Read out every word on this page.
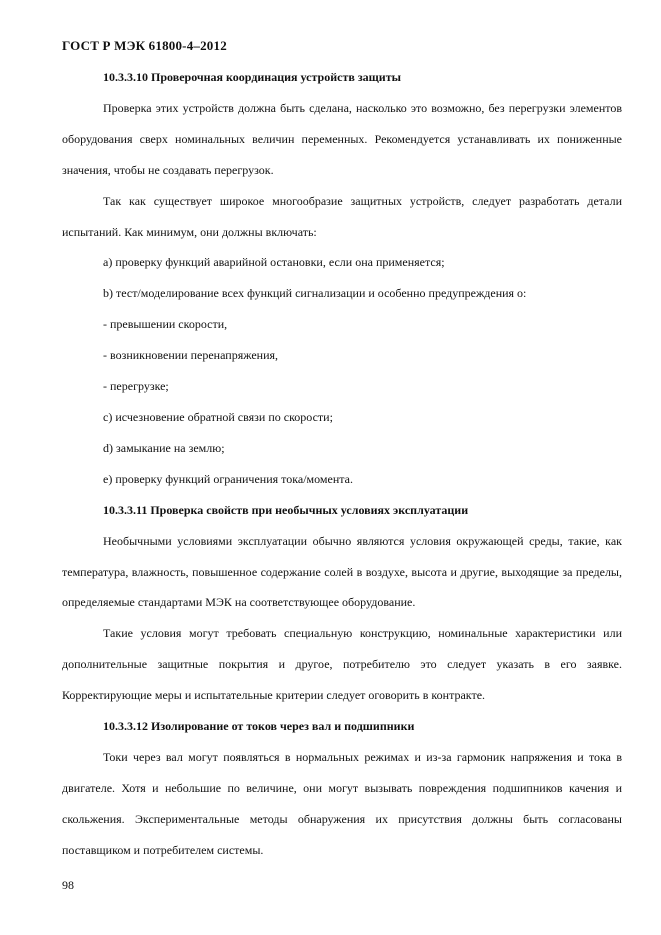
ГОСТ Р МЭК 61800-4–2012

10.3.3.10 Проверочная координация устройств защиты

Проверка этих устройств должна быть сделана, насколько это возможно, без перегрузки элементов оборудования сверх номинальных величин переменных. Рекомендуется устанавливать их пониженные значения, чтобы не создавать перегрузок.

Так как существует широкое многообразие защитных устройств, следует разработать детали испытаний. Как минимум, они должны включать:

а) проверку функций аварийной остановки, если она применяется;

b) тест/моделирование всех функций сигнализации и особенно предупреждения о:

- превышении скорости,

- возникновении перенапряжения,

- перегрузке;

c) исчезновение обратной связи по скорости;

d) замыкание на землю;

e) проверку функций ограничения тока/момента.

10.3.3.11 Проверка свойств при необычных условиях эксплуатации

Необычными условиями эксплуатации обычно являются условия окружающей среды, такие, как температура, влажность, повышенное содержание солей в воздухе, высота и другие, выходящие за пределы, определяемые стандартами МЭК на соответствующее оборудование.

Такие условия могут требовать специальную конструкцию, номинальные характеристики или дополнительные защитные покрытия и другое, потребителю это следует указать в его заявке. Корректирующие меры и испытательные критерии следует оговорить в контракте.

10.3.3.12 Изолирование от токов через вал и подшипники

Токи через вал могут появляться в нормальных режимах и из-за гармоник напряжения и тока в двигателе. Хотя и небольшие по величине, они могут вызывать повреждения подшипников качения и скольжения. Экспериментальные методы обнаружения их присутствия должны быть согласованы поставщиком и потребителем системы.

98
